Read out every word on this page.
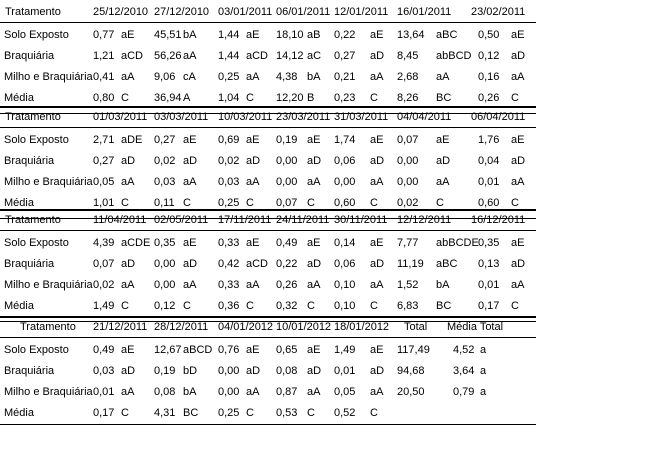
Tratamento	25/12/2010 27/12/2010 03/01/2011 06/01/2011 12/01/2011 16/01/2011 23/02/2011
Solo Exposto 0,77 aE 45,51 bA 1,44 aE 18,10 aB 0,22 aE 13,64 aBC 0,50 aE
Braquiária	1,21 aCD 56,26 aA 1,44 aCD 14,12 aC 0,27 aD 8,45 abBCD 0,12 aD
Milho e Braquiária 0,41 aA 9,06 cA 0,25 aA 4,38 bA 0,21 aA 2,68 aA	0,16 aA
Média	0,80 C 36,94 A	1,04 C 12,20 B 0,23 C 8,26 BC 0,26 C
Tratamento	01/03/2011 03/03/2011 10/03/2011 23/03/2011 31/03/2011 04/04/2011 06/04/2011
Solo Exposto 2,71 aDE 0,27 aE 0,69 aE 0,19 aE 1,74 aE 0,07 aE	1,76 aE
Braquiária	0,27 aD 0,02 aD 0,02 aD 0,00 aD 0,06 aD 0,00 aD	0,04 aD
Milho e Braquiária 0,05 aA 0,03 aA 0,03 aA 0,00 aA 0,00 aA 0,00 aA	0,01 aA
Média	1,01 C 0,11 C 0,25 C 0,07 C 0,60 C 0,02 C	0,60 C
Tratamento	11/04/2011 02/05/2011 17/11/2011 24/11/2011 30/11/2011 12/12/2011 16/12/2011
Solo Exposto 4,39 aCDE 0,35 aE 0,33 aE 0,49 aE 0,14 aE 7,77 abBCDE 0,35 aE
Braquiária	0,07 aD 0,00 aD 0,42 aCD 0,22 aD 0,06 aD 11,19 aBC 0,13 aD
Milho e Braquiária 0,02 aA 0,00 aA 0,33 aA 0,26 aA 0,10 aA 1,52 bA	0,01 aA
Média	1,49 C 0,12 C 0,36 C 0,32 C 0,10 C 6,83 BC 0,17 C
Tratamento 21/12/2011 28/12/2011 04/01/2012 10/01/2012 18/01/2012 Total Média Total
Solo Exposto 0,49 aE 12,67 aBCD 0,76 aE 0,65 aE 1,49 aE 117,49 4,52 a
Braquiária	0,03 aD 0,19 bD 0,00 aD 0,08 aD 0,01 aD 94,68	3,64 a
Milho e Braquiária 0,01 aA 0,08 bA 0,00 aA 0,87 aA 0,05 aA 20,50	0,79 a
Média	0,17 C 4,31 BC 0,25 C 0,53 C 0,52 C
